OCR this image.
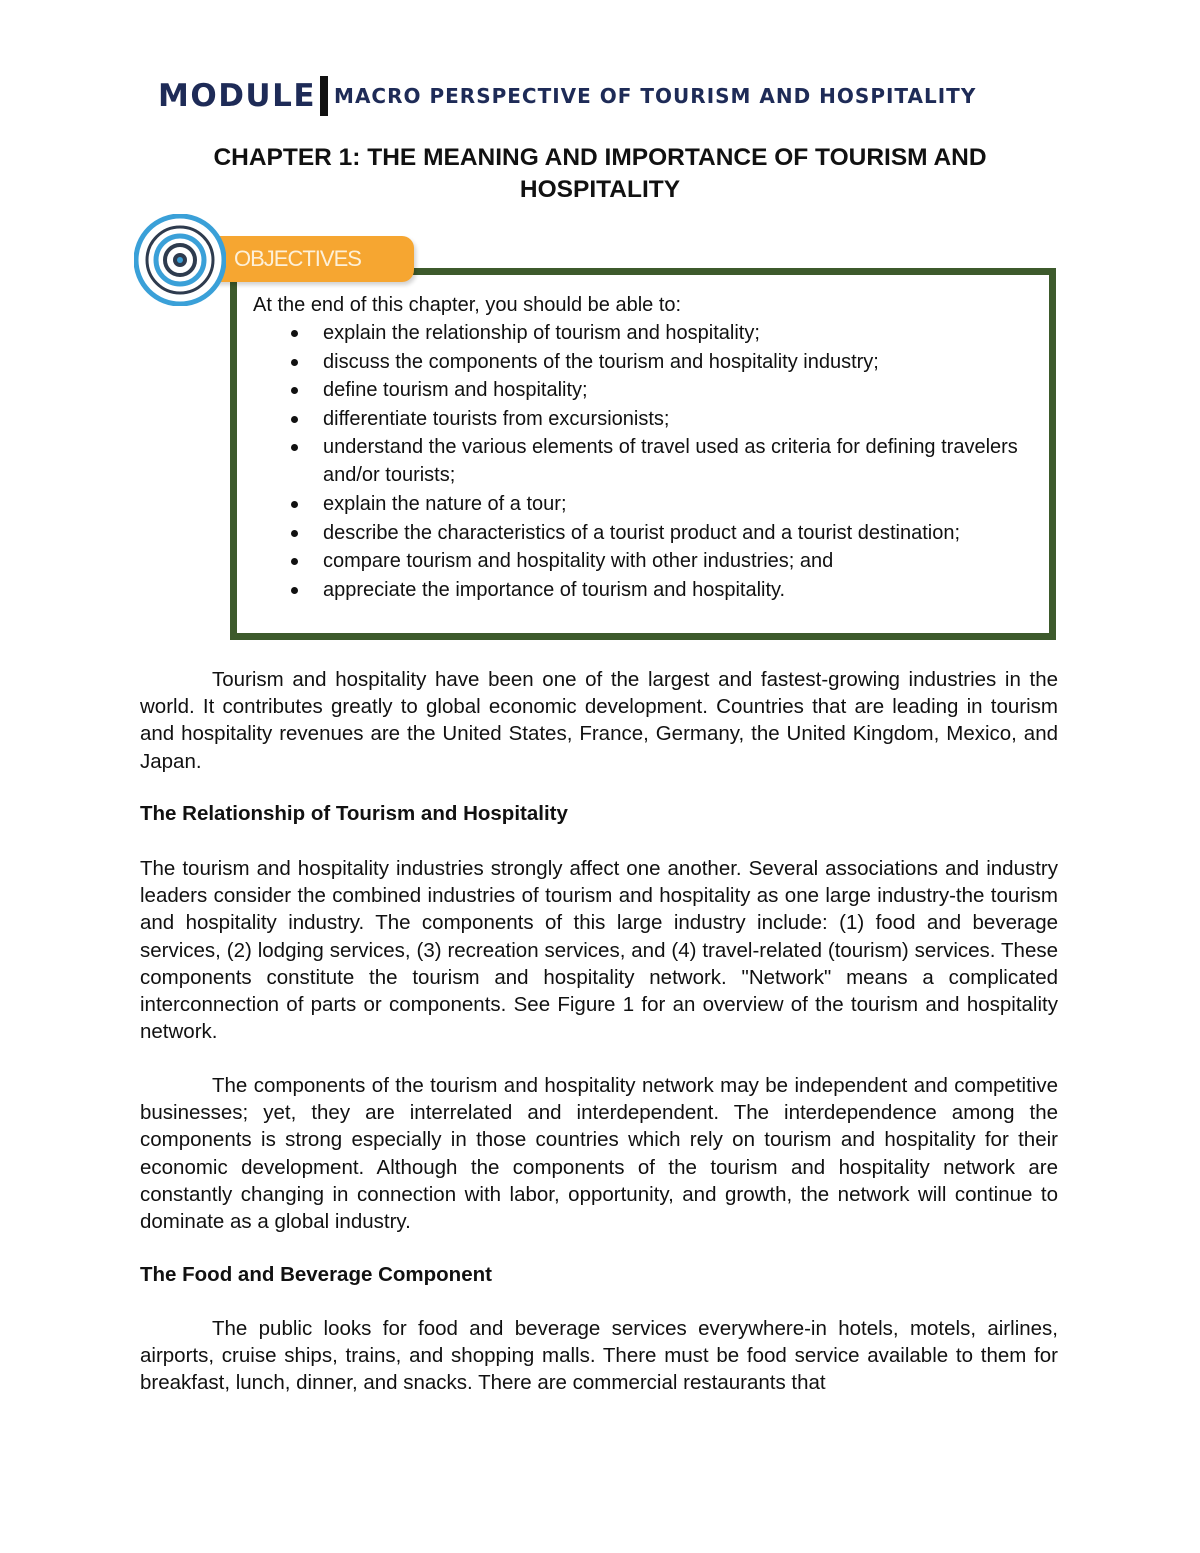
MODULE MACRO PERSPECTIVE OF TOURISM AND HOSPITALITY
CHAPTER 1: THE MEANING AND IMPORTANCE OF TOURISM AND
HOSPITALITY

At the end of this chapter, you should be able to:

explain the relationship of tourism and hospitality;
discuss the components of the tourism and hospitality industry;
define tourism and hospitality;
differentiate tourists from excursionists;
understand the various elements of travel used as criteria for defining travelers and/or tourists;
explain the nature of a tour;
describe the characteristics of a tourist product and a tourist destination;
compare tourism and hospitality with other industries; and
appreciate the importance of tourism and hospitality.
OBJECTIVES

Tourism and hospitality have been one of the largest and fastest-growing industries in the world. It contributes greatly to global economic development. Countries that are leading in tourism and hospitality revenues are the United States, France, Germany, the United Kingdom, Mexico, and Japan.

The Relationship of Tourism and Hospitality

The tourism and hospitality industries strongly affect one another. Several associations and industry leaders consider the combined industries of tourism and hospitality as one large industry-the tourism and hospitality industry. The components of this large industry include: (1) food and beverage services, (2) lodging services, (3) recreation services, and (4) travel-related (tourism) services. These components constitute the tourism and hospitality network. "Network" means a complicated interconnection of parts or components. See Figure 1 for an overview of the tourism and hospitality network.

The components of the tourism and hospitality network may be independent and competitive businesses; yet, they are interrelated and interdependent. The interdependence among the components is strong especially in those countries which rely on tourism and hospitality for their economic development. Although the components of the tourism and hospitality network are constantly changing in connection with labor, opportunity, and growth, the network will continue to dominate as a global industry.

The Food and Beverage Component

The public looks for food and beverage services everywhere-in hotels, motels, airlines, airports, cruise ships, trains, and shopping malls. There must be food service available to them for breakfast, lunch, dinner, and snacks. There are commercial restaurants that
